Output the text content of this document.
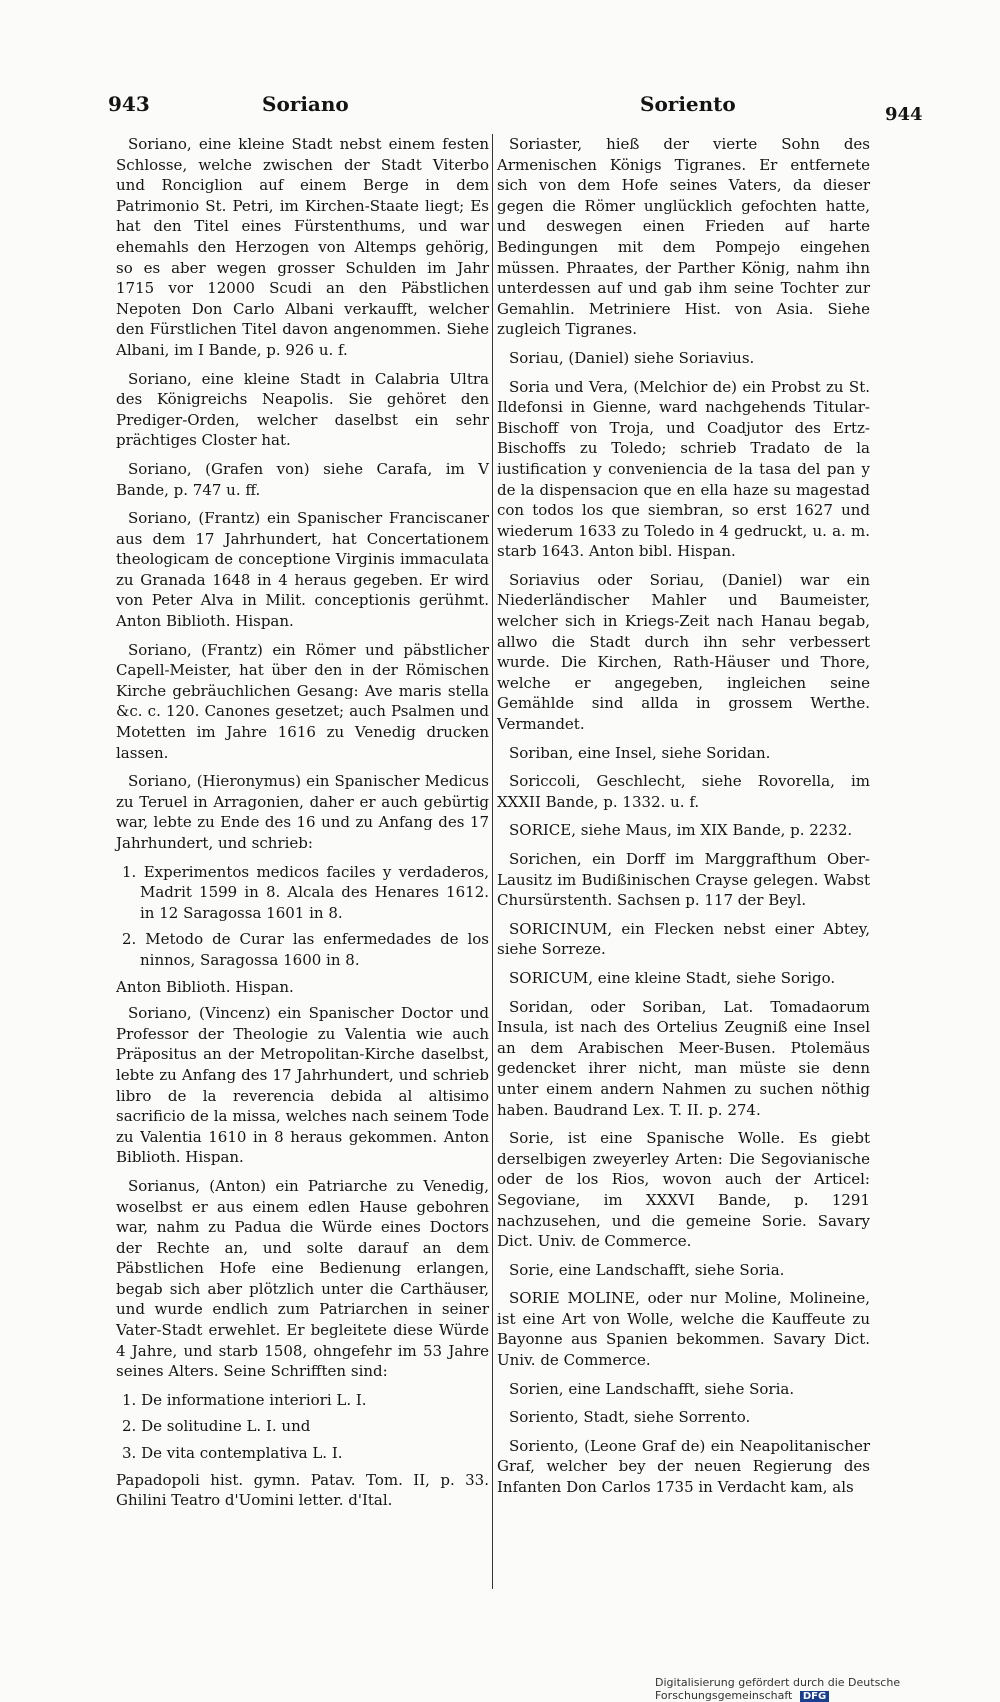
943	Soriano	Sorientο	944

Soriano, eine kleine Stadt nebst einem festen Schlosse, welche zwischen der Stadt Viterbo und Ronciglion auf einem Berge in dem Patrimonio St. Petri, im Kirchen-Staate liegt; Es hat den Titel eines Fürstenthums, und war ehemahls den Herzogen von Altemps gehörig, so es aber wegen grosser Schulden im Jahr 1715 vor 12000 Scudi an den Päbstlichen Nepoten Don Carlo Albani verkaufft, welcher den Fürstlichen Titel davon angenommen. Siehe Albani, im I Bande, p. 926 u. f.

Soriano, eine kleine Stadt in Calabria Ultra des Königreichs Neapolis. Sie gehöret den Prediger-Orden, welcher daselbst ein sehr prächtiges Closter hat.

Soriano, (Grafen von) siehe Carafa, im V Bande, p. 747 u. ff.

Soriano, (Frantz) ein Spanischer Franciscaner aus dem 17 Jahrhundert, hat Concertationem theologicam de conceptione Virginis immaculata zu Granada 1648 in 4 heraus gegeben. Er wird von Peter Alva in Milit. conceptionis gerühmt. Anton Biblioth. Hispan.

Soriano, (Frantz) ein Römer und päbstlicher Capell-Meister, hat über den in der Römischen Kirche gebräuchlichen Gesang: Ave maris stella &c. c. 120. Canones gesetzet; auch Psalmen und Motetten im Jahre 1616 zu Venedig drucken lassen.

Soriano, (Hieronymus) ein Spanischer Medicus zu Teruel in Arragonien, daher er auch gebürtig war, lebte zu Ende des 16 und zu Anfang des 17 Jahrhundert, und schrieb:

1. Experimentos medicos faciles y verdaderos, Madrit 1599 in 8. Alcala des Henares 1612. in 12 Saragossa 1601 in 8.

2. Metodo de Curar las enfermedades de los ninnos, Saragossa 1600 in 8.

Anton Biblioth. Hispan.

Soriano, (Vincenz) ein Spanischer Doctor und Professor der Theologie zu Valentia wie auch Präpositus an der Metropolitan-Kirche daselbst, lebte zu Anfang des 17 Jahrhundert, und schrieb libro de la reverencia debida al altisimo sacrificio de la missa, welches nach seinem Tode zu Valentia 1610 in 8 heraus gekommen. Anton Biblioth. Hispan.

Sorianus, (Anton) ein Patriarche zu Venedig, woselbst er aus einem edlen Hause gebohren war, nahm zu Padua die Würde eines Doctors der Rechte an, und solte darauf an dem Päbstlichen Hofe eine Bedienung erlangen, begab sich aber plötzlich unter die Carthäuser, und wurde endlich zum Patriarchen in seiner Vater-Stadt erwehlet. Er begleitete diese Würde 4 Jahre, und starb 1508, ohngefehr im 53 Jahre seines Alters. Seine Schrifften sind:

1. De informatione interiori L. I.

2. De solitudine L. I. und

3. De vita contemplativa L. I.

Papadopoli hist. gymn. Patav. Tom. II, p. 33. Ghilini Teatro d'Uomini letter. d'Ital.

Soriaster, hieß der vierte Sohn des Armenischen Königs Tigranes. Er entfernete sich von dem Hofe seines Vaters, da dieser gegen die Römer unglücklich gefochten hatte, und deswegen einen Frieden auf harte Bedingungen mit dem Pompejo eingehen müssen. Phraates, der Parther König, nahm ihn unterdessen auf und gab ihm seine Tochter zur Gemahlin. Metriniere Hist. von Asia. Siehe zugleich Tigranes.

Soriau, (Daniel) siehe Soriavius.

Soria und Vera, (Melchior de) ein Probst zu St. Ildefonsi in Gienne, ward nachgehends Titular-Bischoff von Troja, und Coadjutor des Ertz-Bischoffs zu Toledo; schrieb Tradato de la iustification y conveniencia de la tasa del pan y de la dispensacion que en ella haze su magestad con todos los que siembran, so erst 1627 und wiederum 1633 zu Toledo in 4 gedruckt, u. a. m. starb 1643. Anton bibl. Hispan.

Soriavius oder Soriau, (Daniel) war ein Niederländischer Mahler und Baumeister, welcher sich in Kriegs-Zeit nach Hanau begab, allwo die Stadt durch ihn sehr verbessert wurde. Die Kirchen, Rath-Häuser und Thore, welche er angegeben, ingleichen seine Gemählde sind allda in grossem Werthe. Vermandet.

Soriban, eine Insel, siehe Soridan.

Soriccoli, Geschlecht, siehe Rovorella, im XXXII Bande, p. 1332. u. f.

SORICE, siehe Maus, im XIX Bande, p. 2232.

Sorichen, ein Dorff im Marggrafthum Ober-Lausitz im Budißinischen Crayse gelegen. Wabst Chursürstenth. Sachsen p. 117 der Beyl.

SORICINUM, ein Flecken nebst einer Abtey, siehe Sorreze.

SORICUM, eine kleine Stadt, siehe Sorigo.

Soridan, oder Soriban, Lat. Tomadaorum Insula, ist nach des Ortelius Zeugniß eine Insel an dem Arabischen Meer-Busen. Ptolemäus gedencket ihrer nicht, man müste sie denn unter einem andern Nahmen zu suchen nöthig haben. Baudrand Lex. T. II. p. 274.

Sorie, ist eine Spanische Wolle. Es giebt derselbigen zweyerley Arten: Die Segovianische oder de los Rios, wovon auch der Articel: Segoviane, im XXXVI Bande, p. 1291 nachzusehen, und die gemeine Sorie. Savary Dict. Univ. de Commerce.

Sorie, eine Landschafft, siehe Soria.

SORIE MOLINE, oder nur Moline, Molineine, ist eine Art von Wolle, welche die Kauffeute zu Bayonne aus Spanien bekommen. Savary Dict. Univ. de Commerce.

Sorien, eine Landschafft, siehe Soria.

Sorientο, Stadt, siehe Sorrento.

Soriento, (Leone Graf de) ein Neapolitanischer Graf, welcher bey der neuen Regierung des Infanten Don Carlos 1735 in Verdacht kam, als

Digitalisierung gefördert durch die Deutsche Forschungsgemeinschaft DFG
